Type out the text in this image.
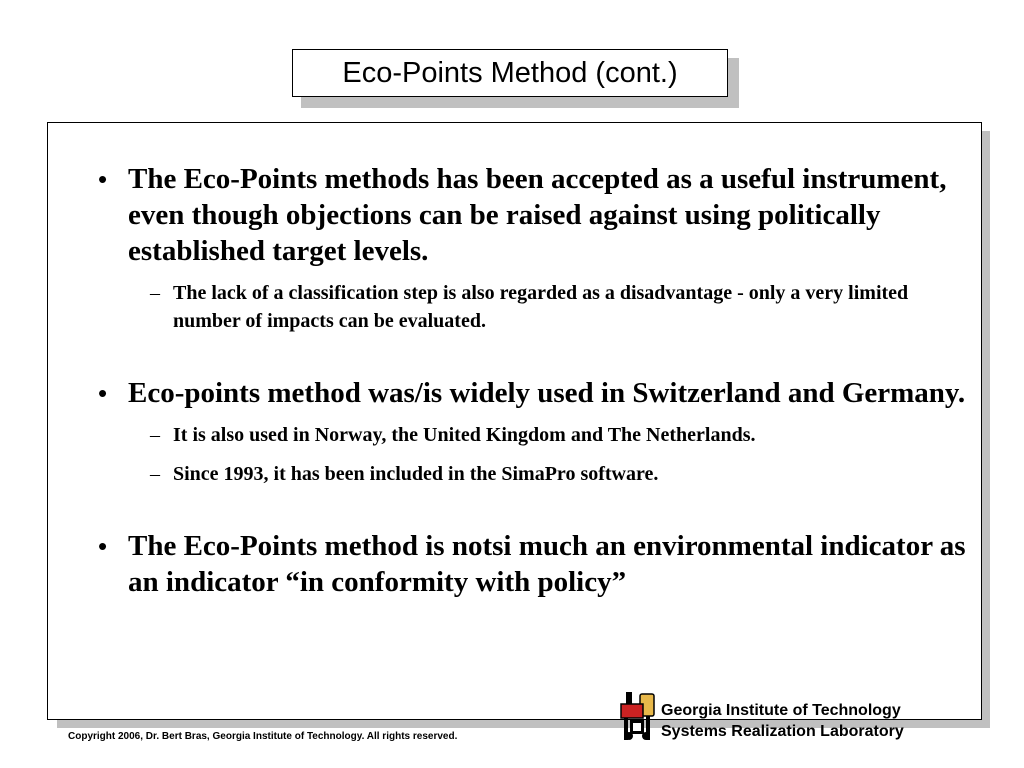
Eco-Points Method (cont.)
• The Eco-Points methods has been accepted as a useful instrument, even though objections can be raised against using politically established target levels.
– The lack of a classification step is also regarded as a disadvantage - only a very limited number of impacts can be evaluated.
• Eco-points method was/is widely used in Switzerland and Germany.
– It is also used in Norway, the United Kingdom and The Netherlands.
– Since 1993, it has been included in the SimaPro software.
• The Eco-Points method is notsi much an environmental indicator as an indicator “in conformity with policy”
Copyright 2006, Dr. Bert Bras, Georgia Institute of Technology. All rights reserved.
Georgia Institute of Technology
Systems Realization Laboratory
